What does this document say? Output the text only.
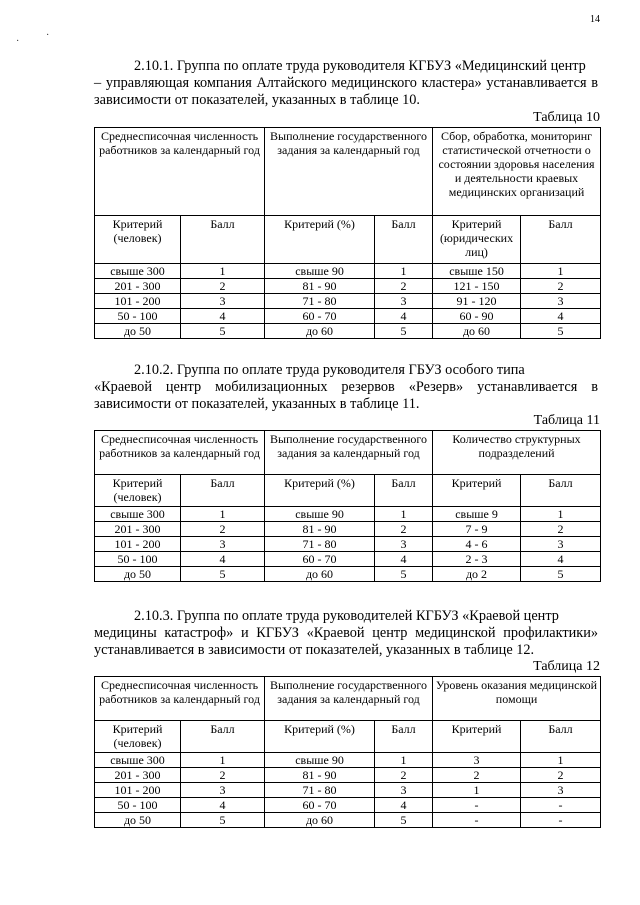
14
·
·
2.10.1. Группа по оплате труда руководителя КГБУЗ «Медицинский центр
– управляющая компания Алтайского медицинского кластера» устанавливается в зависимости от показателей, указанных в таблице 10.
Таблица 10
Среднесписочная численность работников за календарный год		Выполнение государственного задания за календарный год		Сбор, обработка, мониторинг статистической отчетности о состоянии здоровья населения и деятельности краевых медицинских организаций	
Критерий (человек)	Балл	Критерий (%)	Балл	Критерий (юридических лиц)	Балл
свыше 300	1	свыше 90	1	свыше 150	1
201 - 300	2	81 - 90	2	121 - 150	2
101 - 200	3	71 - 80	3	91 - 120	3
50 - 100	4	60 - 70	4	60 - 90	4
до 50	5	до 60	5	до 60	5
2.10.2. Группа по оплате труда руководителя ГБУЗ особого типа
«Краевой центр мобилизационных резервов «Резерв» устанавливается в зависимости от показателей, указанных в таблице 11.
Таблица 11
Среднесписочная численность работников за календарный год		Выполнение государственного задания за календарный год		Количество структурных подразделений	
Критерий (человек)	Балл	Критерий (%)	Балл	Критерий	Балл
свыше 300	1	свыше 90	1	свыше 9	1
201 - 300	2	81 - 90	2	7 - 9	2
101 - 200	3	71 - 80	3	4 - 6	3
50 - 100	4	60 - 70	4	2 - 3	4
до 50	5	до 60	5	до 2	5
2.10.3. Группа по оплате труда руководителей КГБУЗ «Краевой центр
медицины катастроф» и КГБУЗ «Краевой центр медицинской профилактики» устанавливается в зависимости от показателей, указанных в таблице 12.
Таблица 12
Среднесписочная численность работников за календарный год		Выполнение государственного задания за календарный год		Уровень оказания медицинской помощи	
Критерий (человек)	Балл	Критерий (%)	Балл	Критерий	Балл
свыше 300	1	свыше 90	1	3	1
201 - 300	2	81 - 90	2	2	2
101 - 200	3	71 - 80	3	1	3
50 - 100	4	60 - 70	4	-	-
до 50	5	до 60	5	-	-
